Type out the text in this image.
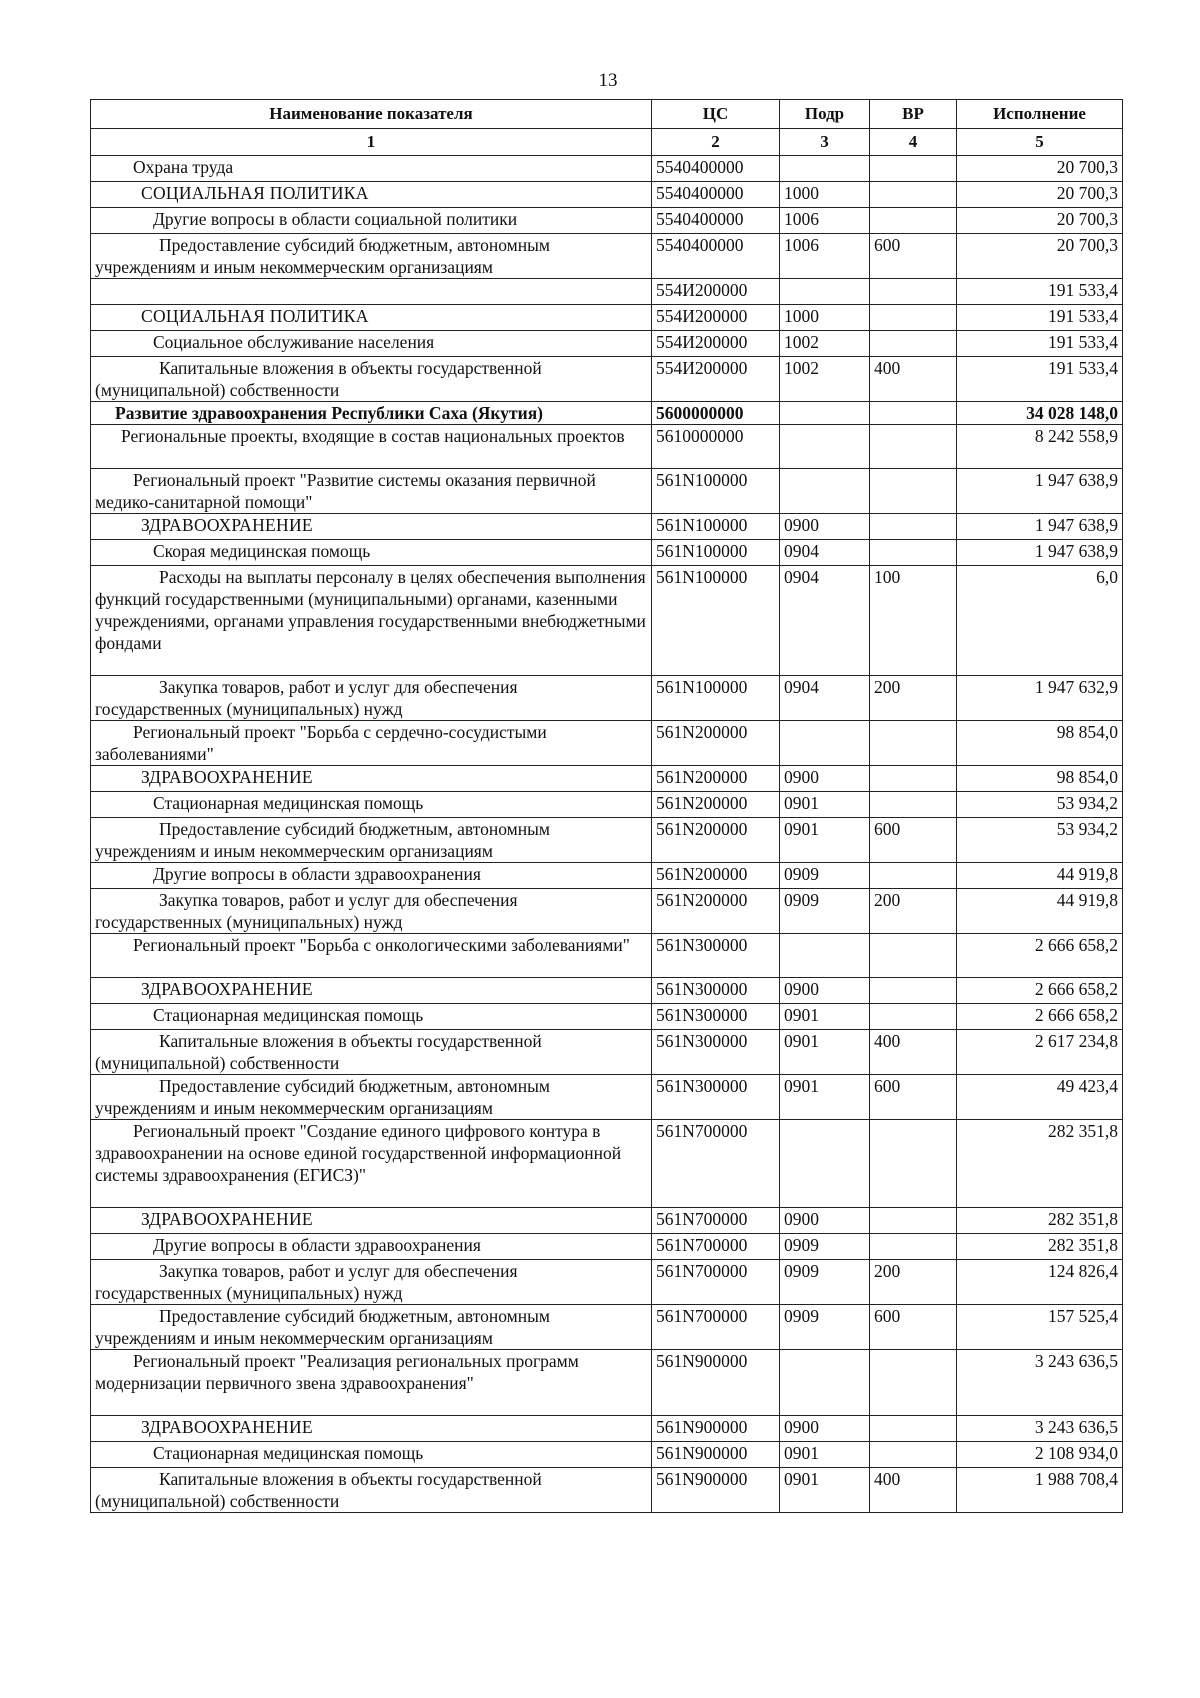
13
Наименование показателя	ЦС	Подр	ВР	Исполнение
1	2	3	4	5
Охрана труда	5540400000			20 700,3
СОЦИАЛЬНАЯ ПОЛИТИКА	5540400000	1000		20 700,3
Другие вопросы в области социальной политики	5540400000	1006		20 700,3
Предоставление субсидий бюджетным, автономным учреждениям и иным некоммерческим организациям	5540400000	1006	600	20 700,3
	554И200000			191 533,4
СОЦИАЛЬНАЯ ПОЛИТИКА	554И200000	1000		191 533,4
Социальное обслуживание населения	554И200000	1002		191 533,4
Капитальные вложения в объекты государственной (муниципальной) собственности	554И200000	1002	400	191 533,4
Развитие здравоохранения Республики Саха (Якутия)	5600000000			34 028 148,0
Региональные проекты, входящие в состав национальных проектов	5610000000			8 242 558,9
Региональный проект "Развитие системы оказания первичной медико-санитарной помощи"	561N100000			1 947 638,9
ЗДРАВООХРАНЕНИЕ	561N100000	0900		1 947 638,9
Скорая медицинская помощь	561N100000	0904		1 947 638,9
Расходы на выплаты персоналу в целях обеспечения выполнения функций государственными (муниципальными) органами, казенными учреждениями, органами управления государственными внебюджетными фондами	561N100000	0904	100	6,0
Закупка товаров, работ и услуг для обеспечения государственных (муниципальных) нужд	561N100000	0904	200	1 947 632,9
Региональный проект "Борьба с сердечно-сосудистыми заболеваниями"	561N200000			98 854,0
ЗДРАВООХРАНЕНИЕ	561N200000	0900		98 854,0
Стационарная медицинская помощь	561N200000	0901		53 934,2
Предоставление субсидий бюджетным, автономным учреждениям и иным некоммерческим организациям	561N200000	0901	600	53 934,2
Другие вопросы в области здравоохранения	561N200000	0909		44 919,8
Закупка товаров, работ и услуг для обеспечения государственных (муниципальных) нужд	561N200000	0909	200	44 919,8
Региональный проект "Борьба с онкологическими заболеваниями"	561N300000			2 666 658,2
ЗДРАВООХРАНЕНИЕ	561N300000	0900		2 666 658,2
Стационарная медицинская помощь	561N300000	0901		2 666 658,2
Капитальные вложения в объекты государственной (муниципальной) собственности	561N300000	0901	400	2 617 234,8
Предоставление субсидий бюджетным, автономным учреждениям и иным некоммерческим организациям	561N300000	0901	600	49 423,4
Региональный проект "Создание единого цифрового контура в здравоохранении на основе единой государственной информационной системы здравоохранения (ЕГИСЗ)"	561N700000			282 351,8
ЗДРАВООХРАНЕНИЕ	561N700000	0900		282 351,8
Другие вопросы в области здравоохранения	561N700000	0909		282 351,8
Закупка товаров, работ и услуг для обеспечения государственных (муниципальных) нужд	561N700000	0909	200	124 826,4
Предоставление субсидий бюджетным, автономным учреждениям и иным некоммерческим организациям	561N700000	0909	600	157 525,4
Региональный проект "Реализация региональных программ модернизации первичного звена здравоохранения"	561N900000			3 243 636,5
ЗДРАВООХРАНЕНИЕ	561N900000	0900		3 243 636,5
Стационарная медицинская помощь	561N900000	0901		2 108 934,0
Капитальные вложения в объекты государственной (муниципальной) собственности	561N900000	0901	400	1 988 708,4
